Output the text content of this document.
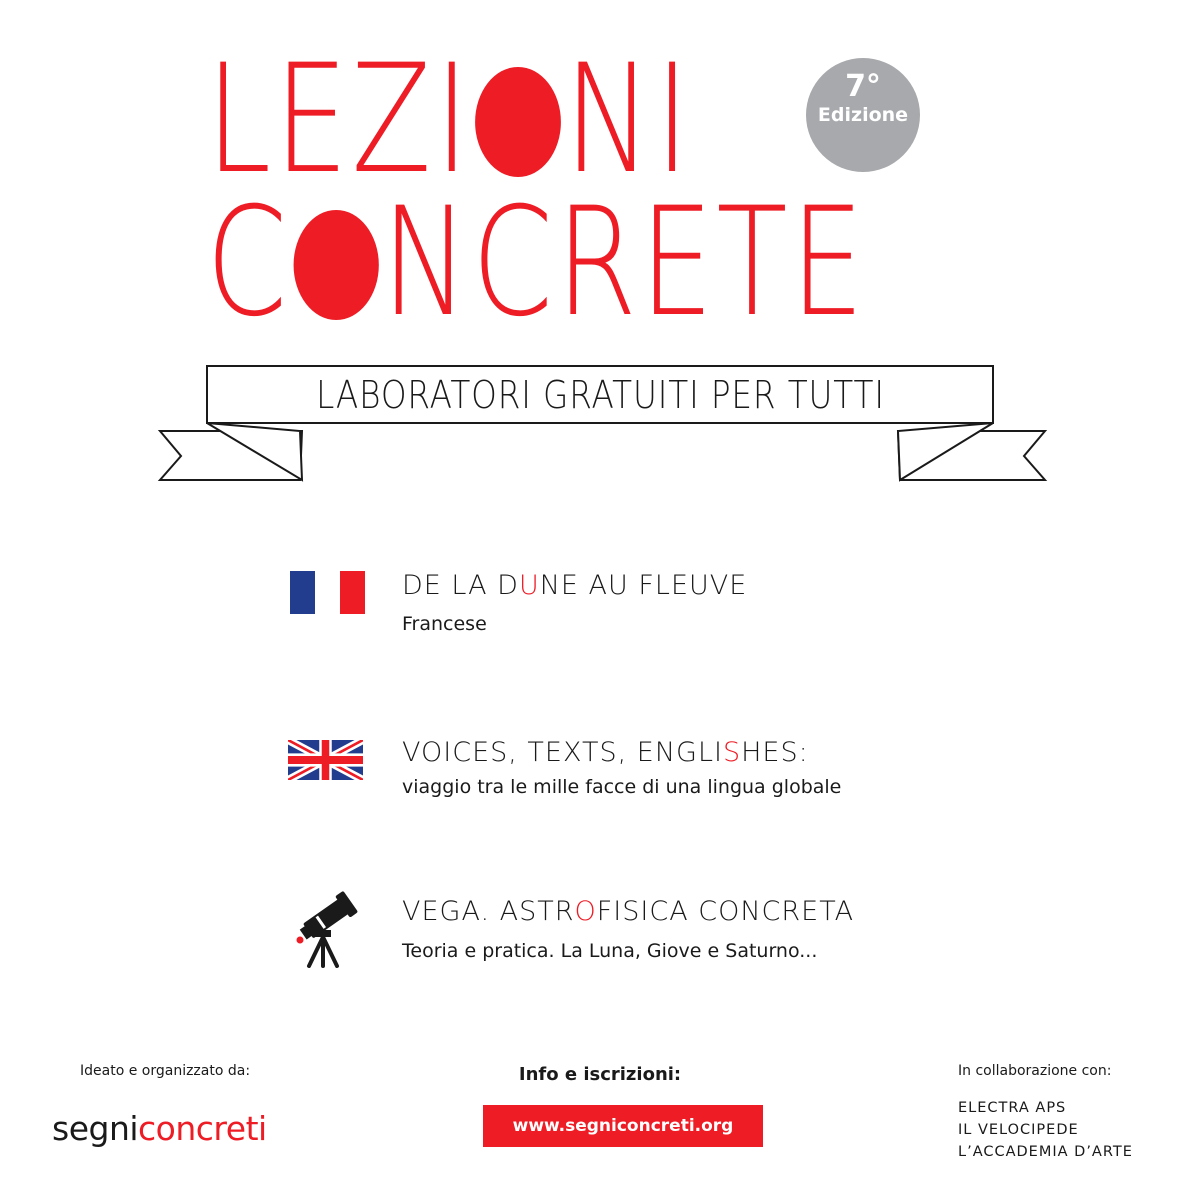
LEZI NI
C NCRETE
7°
Edizione
LABORATORI GRATUITI PER TUTTI
DE LA DUNE AU FLEUVE
Francese
VOICES, TEXTS, ENGLISHES:
viaggio tra le mille facce di una lingua globale
VEGA. ASTROFISICA CONCRETA
Teoria e pratica. La Luna, Giove e Saturno...
Ideato e organizzato da:
segniconcreti
Info e iscrizioni:
www.segniconcreti.org
In collaborazione con:
ELECTRA APS
IL VELOCIPEDE
L’ACCADEMIA D’ARTE
